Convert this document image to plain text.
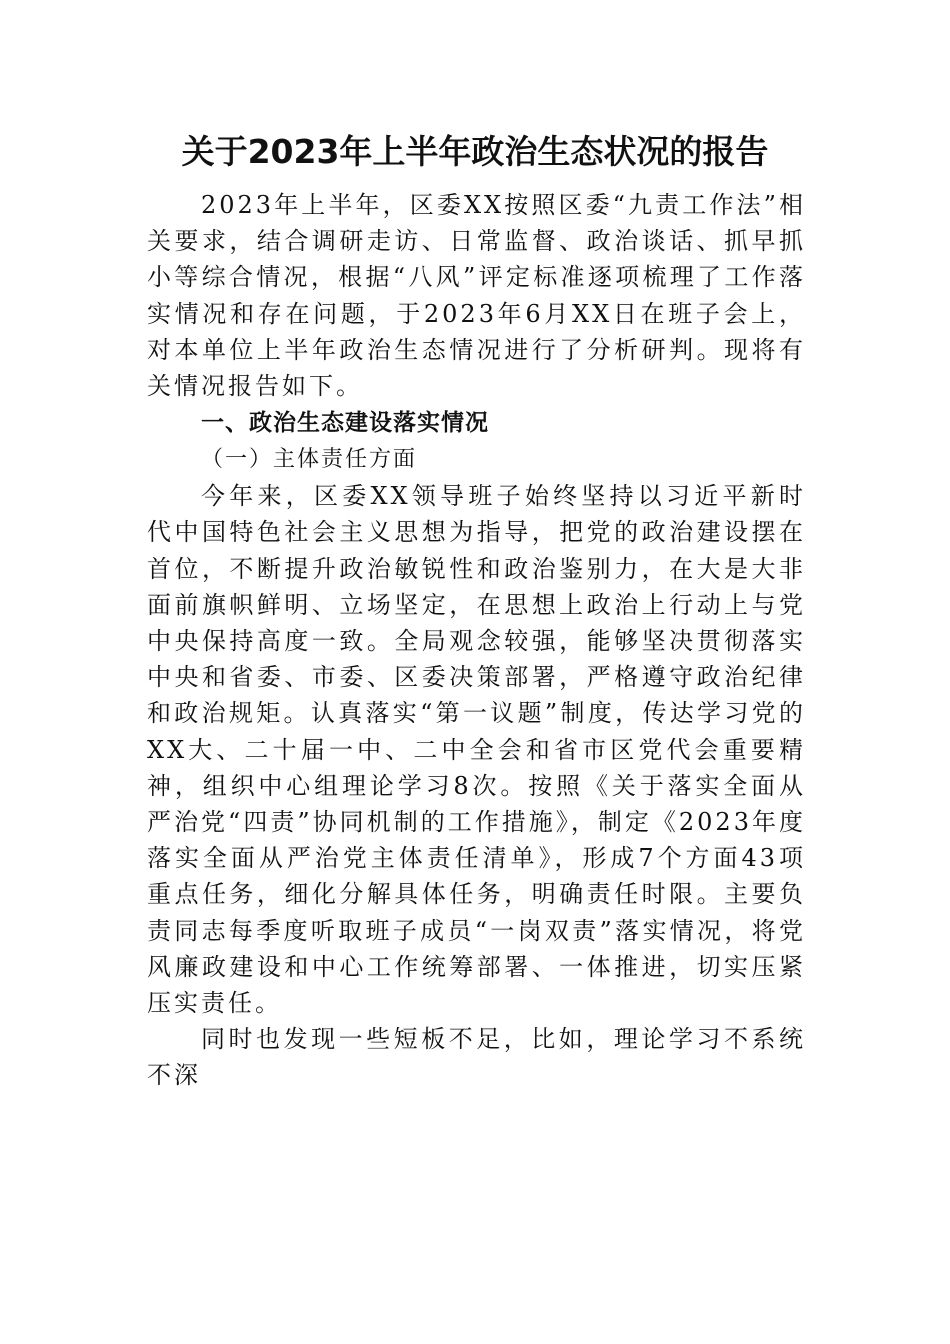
关于2023年上半年政治生态状况的报告

2023年上半年，区委XX按照区委“九责工作法”相关要求，结合调研走访、日常监督、政治谈话、抓早抓小等综合情况，根据“八风”评定标准逐项梳理了工作落实情况和存在问题，于2023年6月XX日在班子会上，对本单位上半年政治生态情况进行了分析研判。现将有关情况报告如下。

一、政治生态建设落实情况

（一）主体责任方面

今年来，区委XX领导班子始终坚持以习近平新时代中国特色社会主义思想为指导，把党的政治建设摆在首位，不断提升政治敏锐性和政治鉴别力，在大是大非面前旗帜鲜明、立场坚定，在思想上政治上行动上与党中央保持高度一致。全局观念较强，能够坚决贯彻落实中央和省委、市委、区委决策部署，严格遵守政治纪律和政治规矩。认真落实“第一议题”制度，传达学习党的XX大、二十届一中、二中全会和省市区党代会重要精神，组织中心组理论学习8次。按照《关于落实全面从严治党“四责”协同机制的工作措施》，制定《2023年度落实全面从严治党主体责任清单》，形成7个方面43项重点任务，细化分解具体任务，明确责任时限。主要负责同志每季度听取班子成员“一岗双责”落实情况，将党风廉政建设和中心工作统筹部署、一体推进，切实压紧压实责任。

同时也发现一些短板不足，比如，理论学习不系统不深
